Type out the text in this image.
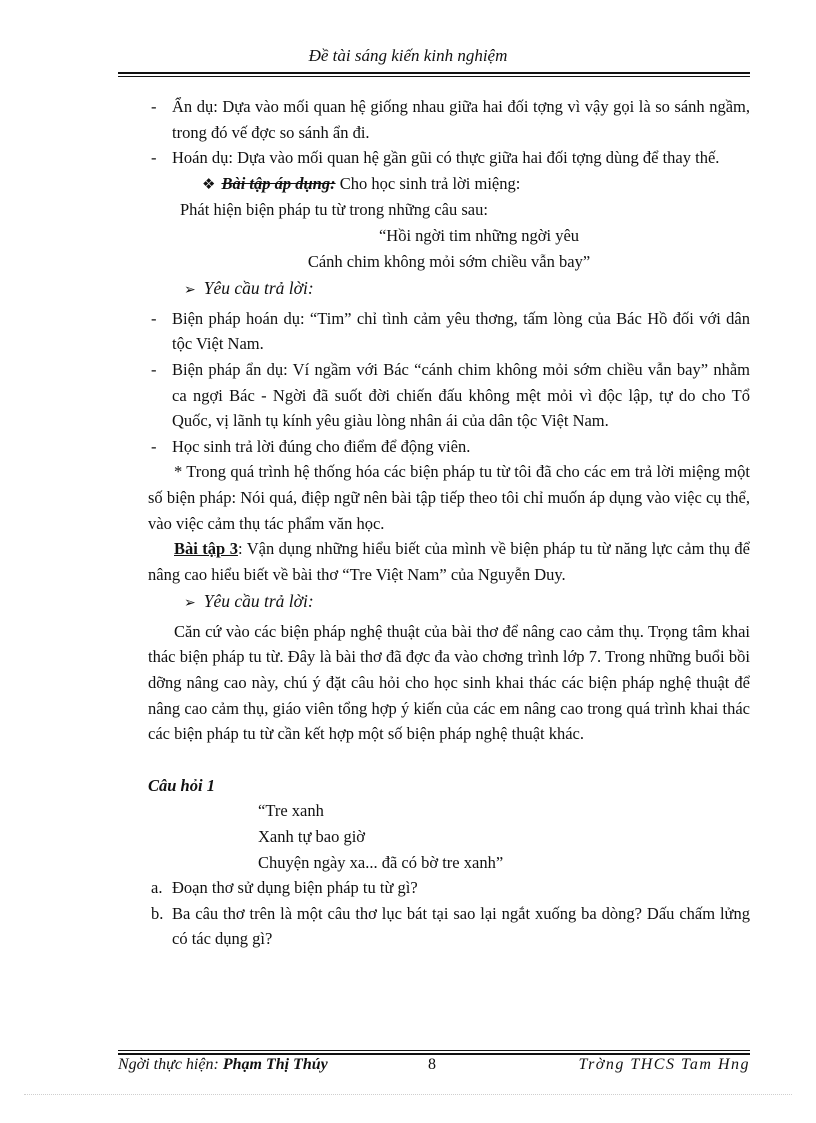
Đề tài sáng kiến kinh nghiệm
- Ẩn dụ: Dựa vào mối quan hệ giống nhau giữa hai đối tợng vì vậy gọi là so sánh ngầm, trong đó vế đợc so sánh ẩn đi.
- Hoán dụ: Dựa vào mối quan hệ gần gũi có thực giữa hai đối tợng dùng để thay thế.
❖ Bài tập áp dụng: Cho học sinh trả lời miệng:
Phát hiện biện pháp tu từ trong những câu sau:
“Hồi ngời tim những ngời yêu
Cánh chim không mỏi sớm chiều vẫn bay”
➢ Yêu cầu trả lời:
- Biện pháp hoán dụ: “Tim” chỉ tình cảm yêu thơng, tấm lòng của Bác Hồ đối với dân tộc Việt Nam.
- Biện pháp ẩn dụ: Ví ngầm với Bác “cánh chim không mỏi sớm chiều vẫn bay” nhằm ca ngợi Bác - Ngời đã suốt đời chiến đấu không mệt mỏi vì độc lập, tự do cho Tổ Quốc, vị lãnh tụ kính yêu giàu lòng nhân ái của dân tộc Việt Nam.
- Học sinh trả lời đúng cho điểm để động viên.
* Trong quá trình hệ thống hóa các biện pháp tu từ tôi đã cho các em trả lời miệng một số biện pháp: Nói quá, điệp ngữ nên bài tập tiếp theo tôi chỉ muốn áp dụng vào việc cụ thể, vào việc cảm thụ tác phẩm văn học.
Bài tập 3: Vận dụng những hiểu biết của mình về biện pháp tu từ năng lực cảm thụ để nâng cao hiểu biết về bài thơ “Tre Việt Nam” của Nguyễn Duy.
➢ Yêu cầu trả lời:
Căn cứ vào các biện pháp nghệ thuật của bài thơ để nâng cao cảm thụ. Trọng tâm khai thác biện pháp tu từ. Đây là bài thơ đã đợc đa vào chơng trình lớp 7. Trong những buổi bồi dỡng nâng cao này, chú ý đặt câu hỏi cho học sinh khai thác các biện pháp nghệ thuật để nâng cao cảm thụ, giáo viên tổng hợp ý kiến của các em nâng cao trong quá trình khai thác các biện pháp tu từ cần kết hợp một số biện pháp nghệ thuật khác.
Câu hỏi 1
“Tre xanh
Xanh tự bao giờ
Chuyện ngày xa... đã có bờ tre xanh”
a. Đoạn thơ sử dụng biện pháp tu từ gì?
b. Ba câu thơ trên là một câu thơ lục bát tại sao lại ngắt xuống ba dòng? Dấu chấm lửng có tác dụng gì?
Ngời thực hiện: Phạm Thị Thúy	8	Trờng THCS Tam Hng
